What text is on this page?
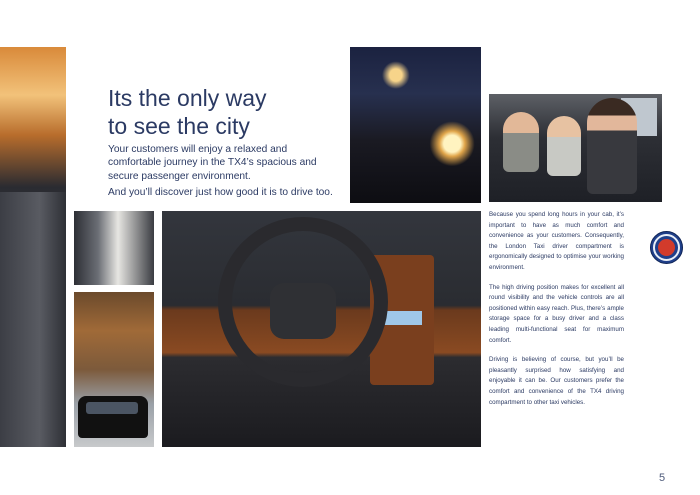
Its the only way
to see the city

Your customers will enjoy a relaxed and comfortable journey in the TX4’s spacious and secure passenger environment.

And you’ll discover just how good it is to drive too.

Because you spend long hours in your cab, it’s important to have as much comfort and convenience as your customers. Consequently, the London Taxi driver compartment is ergonomically designed to optimise your working environment.

The high driving position makes for excellent all round visibility and the vehicle controls are all positioned within easy reach. Plus, there’s ample storage space for a busy driver and a class leading multi-functional seat for maximum comfort.

Driving is believing of course, but you’ll be pleasantly surprised how satisfying and enjoyable it can be. Our customers prefer the comfort and convenience of the TX4 driving compartment to other taxi vehicles.

5
